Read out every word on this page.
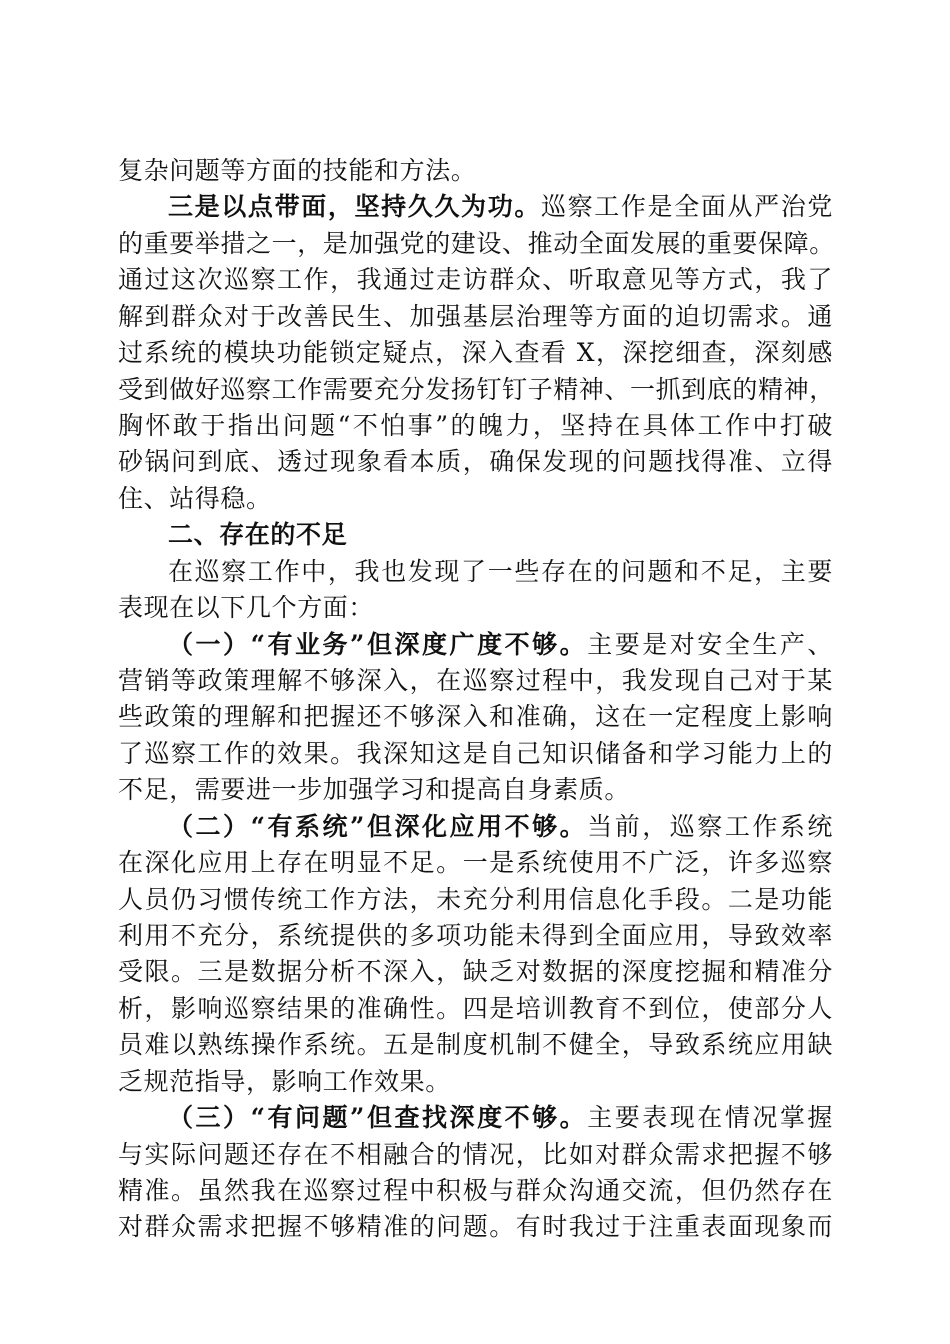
复杂问题等方面的技能和方法。
三是以点带面，坚持久久为功。巡察工作是全面从严治党
的重要举措之一，是加强党的建设、推动全面发展的重要保障。
通过这次巡察工作，我通过走访群众、听取意见等方式，我了
解到群众对于改善民生、加强基层治理等方面的迫切需求。通
过系统的模块功能锁定疑点，深入查看 X，深挖细查，深刻感
受到做好巡察工作需要充分发扬钉钉子精神、一抓到底的精神，
胸怀敢于指出问题“不怕事”的魄力，坚持在具体工作中打破
砂锅问到底、透过现象看本质，确保发现的问题找得准、立得
住、站得稳。
二、存在的不足
在巡察工作中，我也发现了一些存在的问题和不足，主要
表现在以下几个方面：
（一）“有业务”但深度广度不够。主要是对安全生产、
营销等政策理解不够深入，在巡察过程中，我发现自己对于某
些政策的理解和把握还不够深入和准确，这在一定程度上影响
了巡察工作的效果。我深知这是自己知识储备和学习能力上的
不足，需要进一步加强学习和提高自身素质。
（二）“有系统”但深化应用不够。当前，巡察工作系统
在深化应用上存在明显不足。一是系统使用不广泛，许多巡察
人员仍习惯传统工作方法，未充分利用信息化手段。二是功能
利用不充分，系统提供的多项功能未得到全面应用，导致效率
受限。三是数据分析不深入，缺乏对数据的深度挖掘和精准分
析，影响巡察结果的准确性。四是培训教育不到位，使部分人
员难以熟练操作系统。五是制度机制不健全，导致系统应用缺
乏规范指导，影响工作效果。
（三）“有问题”但查找深度不够。主要表现在情况掌握
与实际问题还存在不相融合的情况，比如对群众需求把握不够
精准。虽然我在巡察过程中积极与群众沟通交流，但仍然存在
对群众需求把握不够精准的问题。有时我过于注重表面现象而
